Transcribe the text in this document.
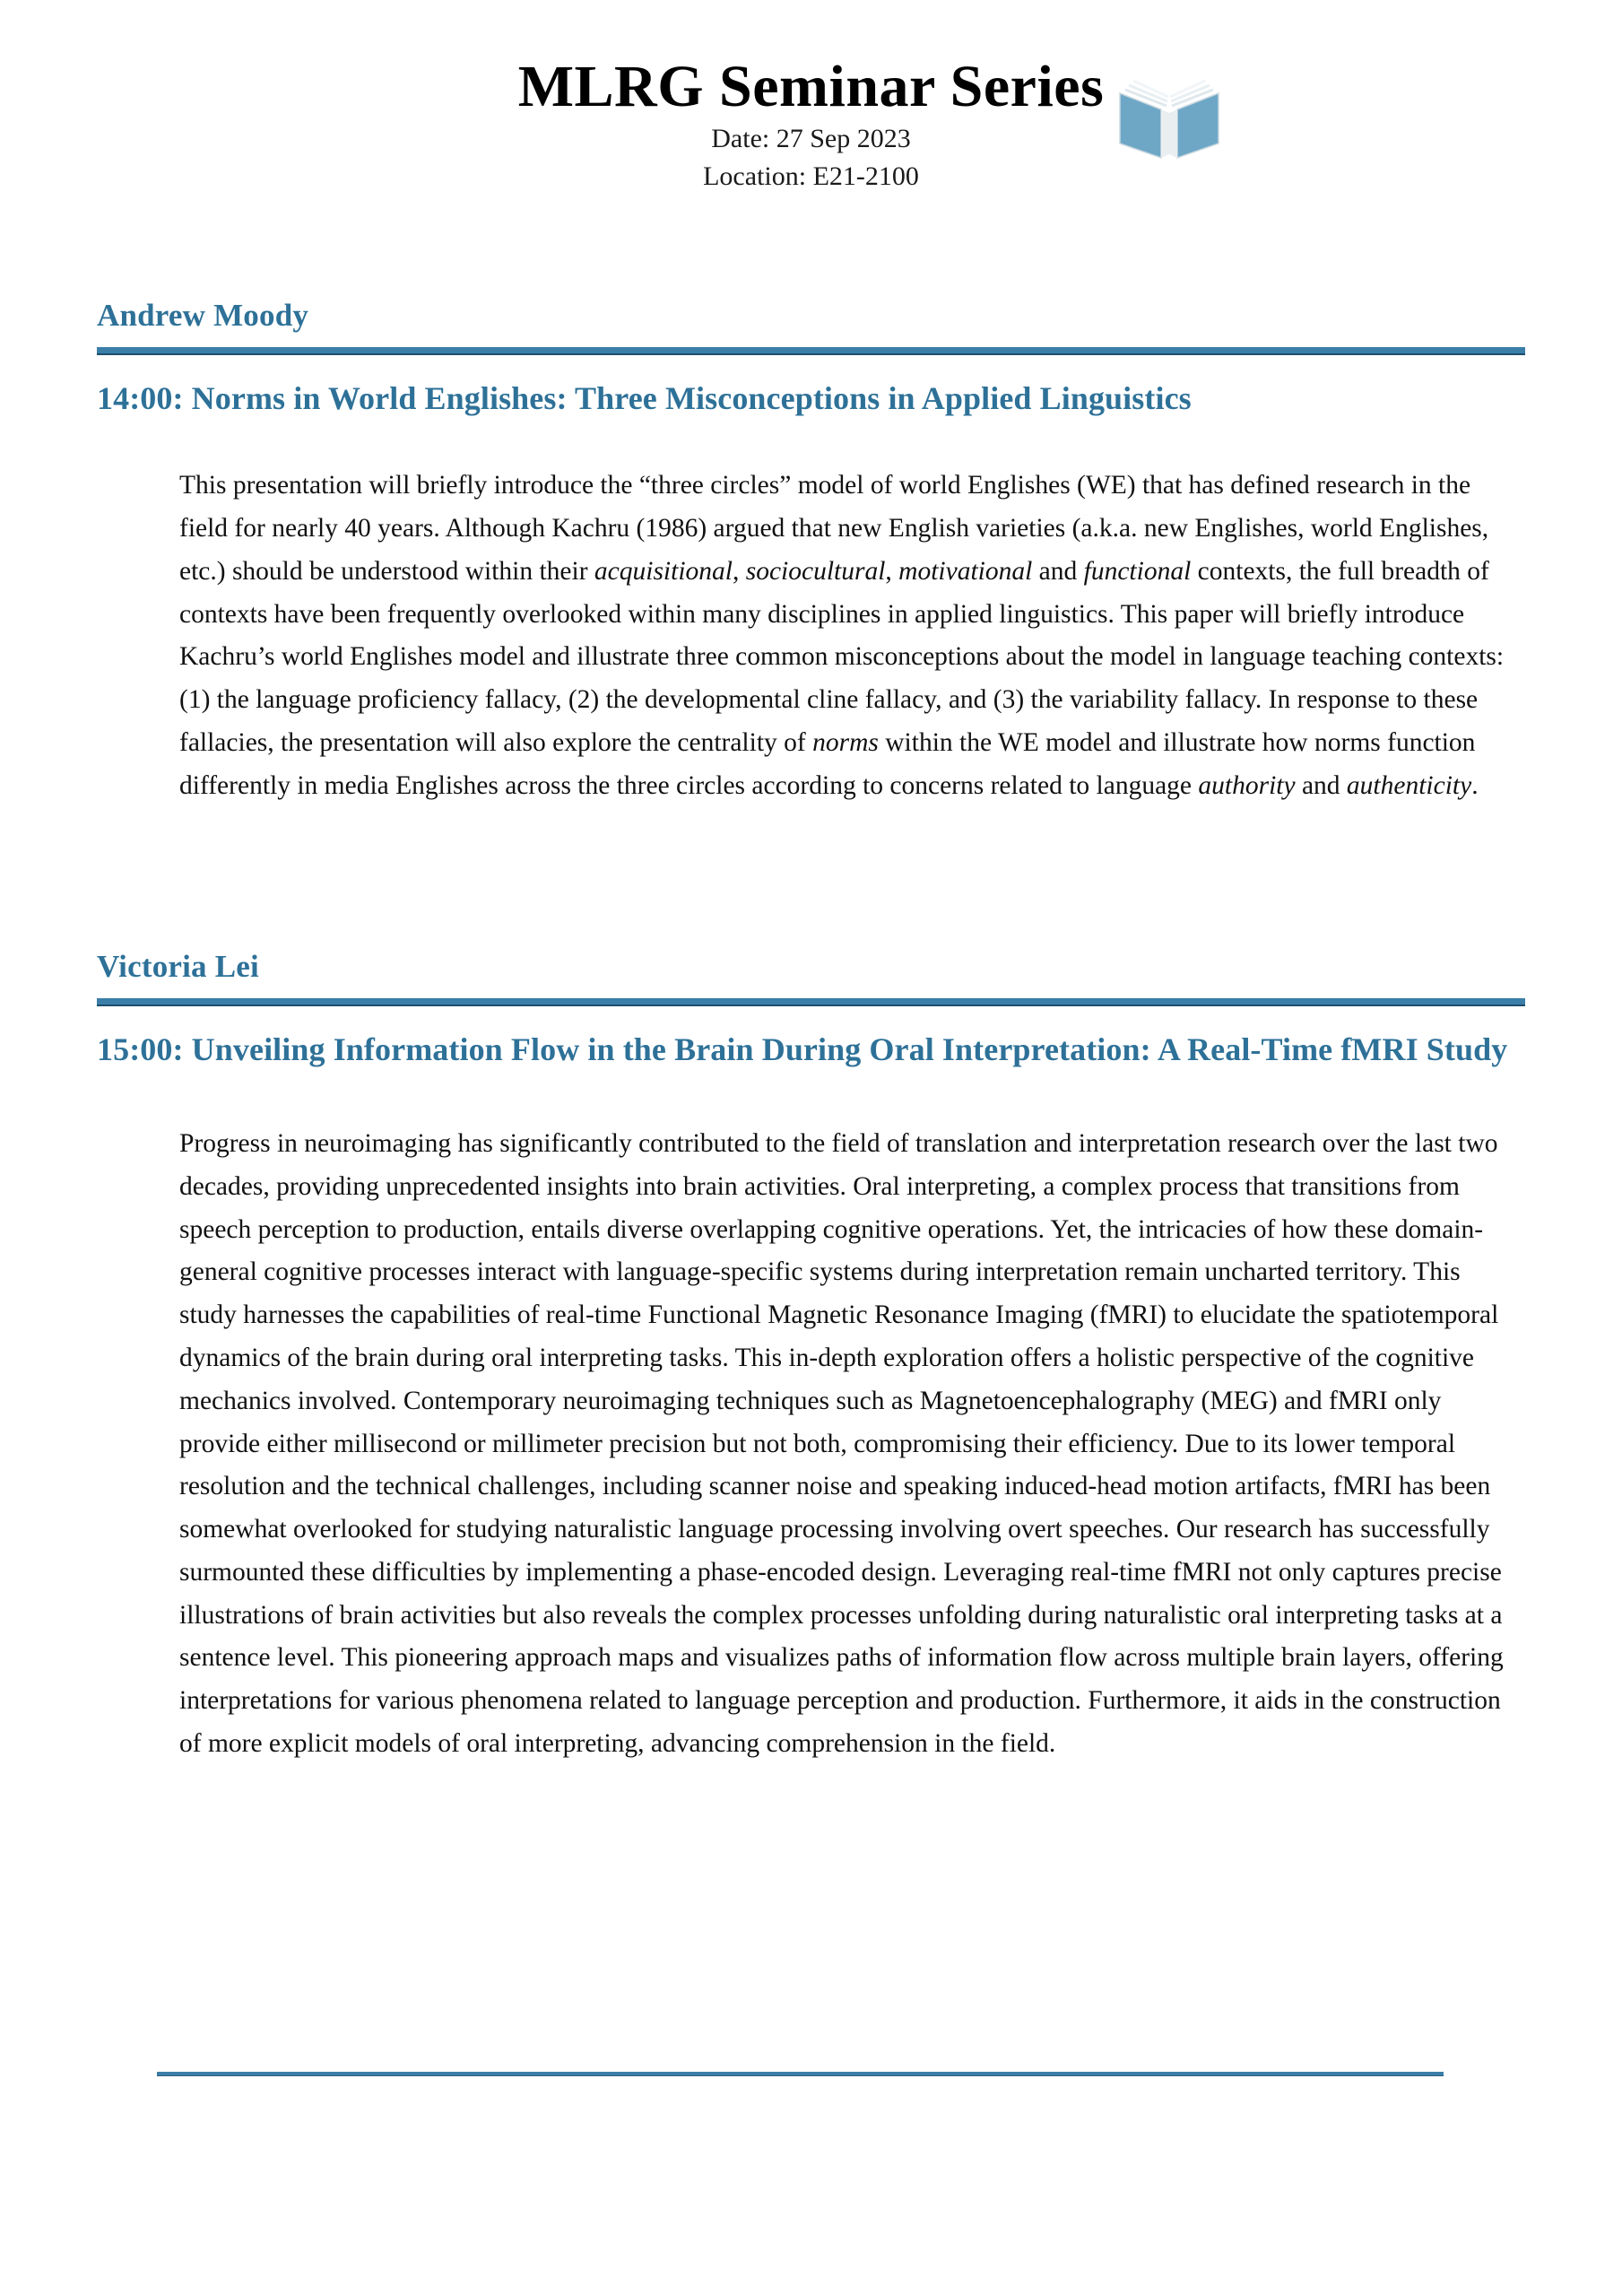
MLRG Seminar Series

Date: 27 Sep 2023

Location: E21-2100

Andrew Moody
14:00: Norms in World Englishes: Three Misconceptions in Applied Linguistics

This presentation will briefly introduce the “three circles” model of world Englishes (WE) that has defined research in the field for nearly 40 years. Although Kachru (1986) argued that new English varieties (a.k.a. new Englishes, world Englishes, etc.) should be understood within their acquisitional, sociocultural, motivational and functional contexts, the full breadth of contexts have been frequently overlooked within many disciplines in applied linguistics. This paper will briefly introduce Kachru’s world Englishes model and illustrate three common misconceptions about the model in language teaching contexts: (1) the language proficiency fallacy, (2) the developmental cline fallacy, and (3) the variability fallacy. In response to these fallacies, the presentation will also explore the centrality of norms within the WE model and illustrate how norms function differently in media Englishes across the three circles according to concerns related to language authority and authenticity.

Victoria Lei
15:00: Unveiling Information Flow in the Brain During Oral Interpretation: A Real-Time fMRI Study

Progress in neuroimaging has significantly contributed to the field of translation and interpretation research over the last two decades, providing unprecedented insights into brain activities. Oral interpreting, a complex process that transitions from speech perception to production, entails diverse overlapping cognitive operations. Yet, the intricacies of how these domain-general cognitive processes interact with language-specific systems during interpretation remain uncharted territory. This study harnesses the capabilities of real-time Functional Magnetic Resonance Imaging (fMRI) to elucidate the spatiotemporal dynamics of the brain during oral interpreting tasks. This in-depth exploration offers a holistic perspective of the cognitive mechanics involved. Contemporary neuroimaging techniques such as Magnetoencephalography (MEG) and fMRI only provide either millisecond or millimeter precision but not both, compromising their efficiency. Due to its lower temporal resolution and the technical challenges, including scanner noise and speaking induced-head motion artifacts, fMRI has been somewhat overlooked for studying naturalistic language processing involving overt speeches. Our research has successfully surmounted these difficulties by implementing a phase-encoded design. Leveraging real-time fMRI not only captures precise illustrations of brain activities but also reveals the complex processes unfolding during naturalistic oral interpreting tasks at a sentence level. This pioneering approach maps and visualizes paths of information flow across multiple brain layers, offering interpretations for various phenomena related to language perception and production. Furthermore, it aids in the construction of more explicit models of oral interpreting, advancing comprehension in the field.
